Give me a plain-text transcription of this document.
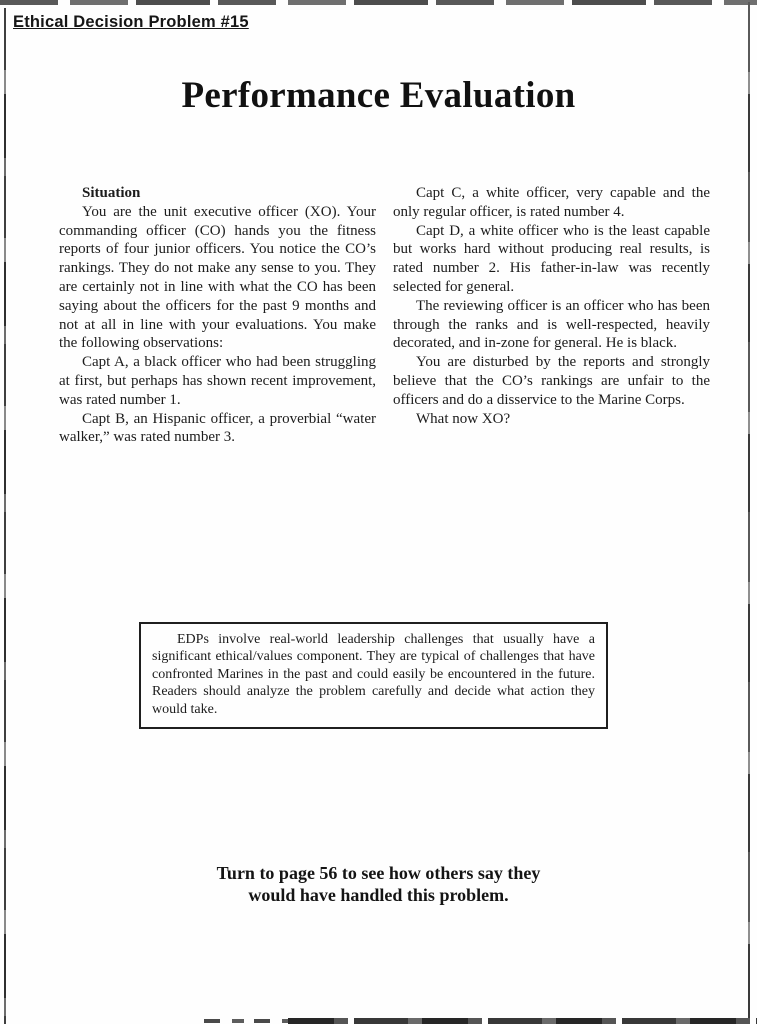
Ethical Decision Problem #15
Performance Evaluation

Situation

You are the unit executive officer (XO). Your commanding officer (CO) hands you the fitness reports of four junior officers. You notice the CO’s rankings. They do not make any sense to you. They are certainly not in line with what the CO has been saying about the officers for the past 9 months and not at all in line with your evaluations. You make the following observations:

Capt A, a black officer who had been struggling at first, but perhaps has shown recent improvement, was rated number 1.

Capt B, an Hispanic officer, a proverbial “water walker,” was rated number 3.

Capt C, a white officer, very capable and the only regular officer, is rated number 4.

Capt D, a white officer who is the least capable but works hard without producing real results, is rated number 2. His father-in-law was recently selected for general.

The reviewing officer is an officer who has been through the ranks and is well-respected, heavily decorated, and in-zone for general. He is black.

You are disturbed by the reports and strongly believe that the CO’s rankings are unfair to the officers and do a disservice to the Marine Corps.

What now XO?

EDPs involve real-world leadership challenges that usually have a significant ethical/values component. They are typical of challenges that have confronted Marines in the past and could easily be encountered in the future. Readers should analyze the problem carefully and decide what action they would take.

Turn to page 56 to see how others say they
would have handled this problem.
